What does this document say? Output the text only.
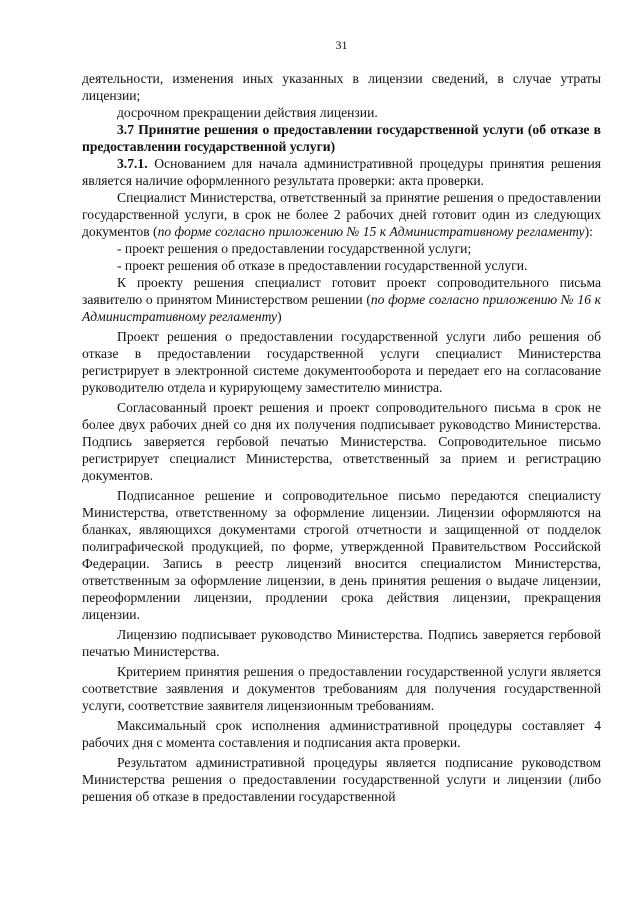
31

деятельности, изменения иных указанных в лицензии сведений, в случае утраты лицензии;

досрочном прекращении действия лицензии.

3.7 Принятие решения о предоставлении государственной услуги (об отказе в предоставлении государственной услуги)

3.7.1. Основанием для начала административной процедуры принятия решения является наличие оформленного результата проверки: акта проверки.

Специалист Министерства, ответственный за принятие решения о предоставлении государственной услуги, в срок не более 2 рабочих дней готовит один из следующих документов (по форме согласно приложению № 15 к Административному регламенту):

- проект решения о предоставлении государственной услуги;

- проект решения об отказе в предоставлении государственной услуги.

К проекту решения специалист готовит проект сопроводительного письма заявителю о принятом Министерством решении (по форме согласно приложению № 16 к Административному регламенту)

Проект решения о предоставлении государственной услуги либо решения об отказе в предоставлении государственной услуги специалист Министерства регистрирует в электронной системе документооборота и передает его на согласование руководителю отдела и курирующему заместителю министра.

Согласованный проект решения и проект сопроводительного письма в срок не более двух рабочих дней со дня их получения подписывает руководство Министерства. Подпись заверяется гербовой печатью Министерства. Сопроводительное письмо регистрирует специалист Министерства, ответственный за прием и регистрацию документов.

Подписанное решение и сопроводительное письмо передаются специалисту Министерства, ответственному за оформление лицензии. Лицензии оформляются на бланках, являющихся документами строгой отчетности и защищенной от подделок полиграфической продукцией, по форме, утвержденной Правительством Российской Федерации. Запись в реестр лицензий вносится специалистом Министерства, ответственным за оформление лицензии, в день принятия решения о выдаче лицензии, переоформлении лицензии, продлении срока действия лицензии, прекращения лицензии.

Лицензию подписывает руководство Министерства. Подпись заверяется гербовой печатью Министерства.

Критерием принятия решения о предоставлении государственной услуги является соответствие заявления и документов требованиям для получения государственной услуги, соответствие заявителя лицензионным требованиям.

Максимальный срок исполнения административной процедуры составляет 4 рабочих дня с момента составления и подписания акта проверки.

Результатом административной процедуры является подписание руководством Министерства решения о предоставлении государственной услуги и лицензии (либо решения об отказе в предоставлении государственной
